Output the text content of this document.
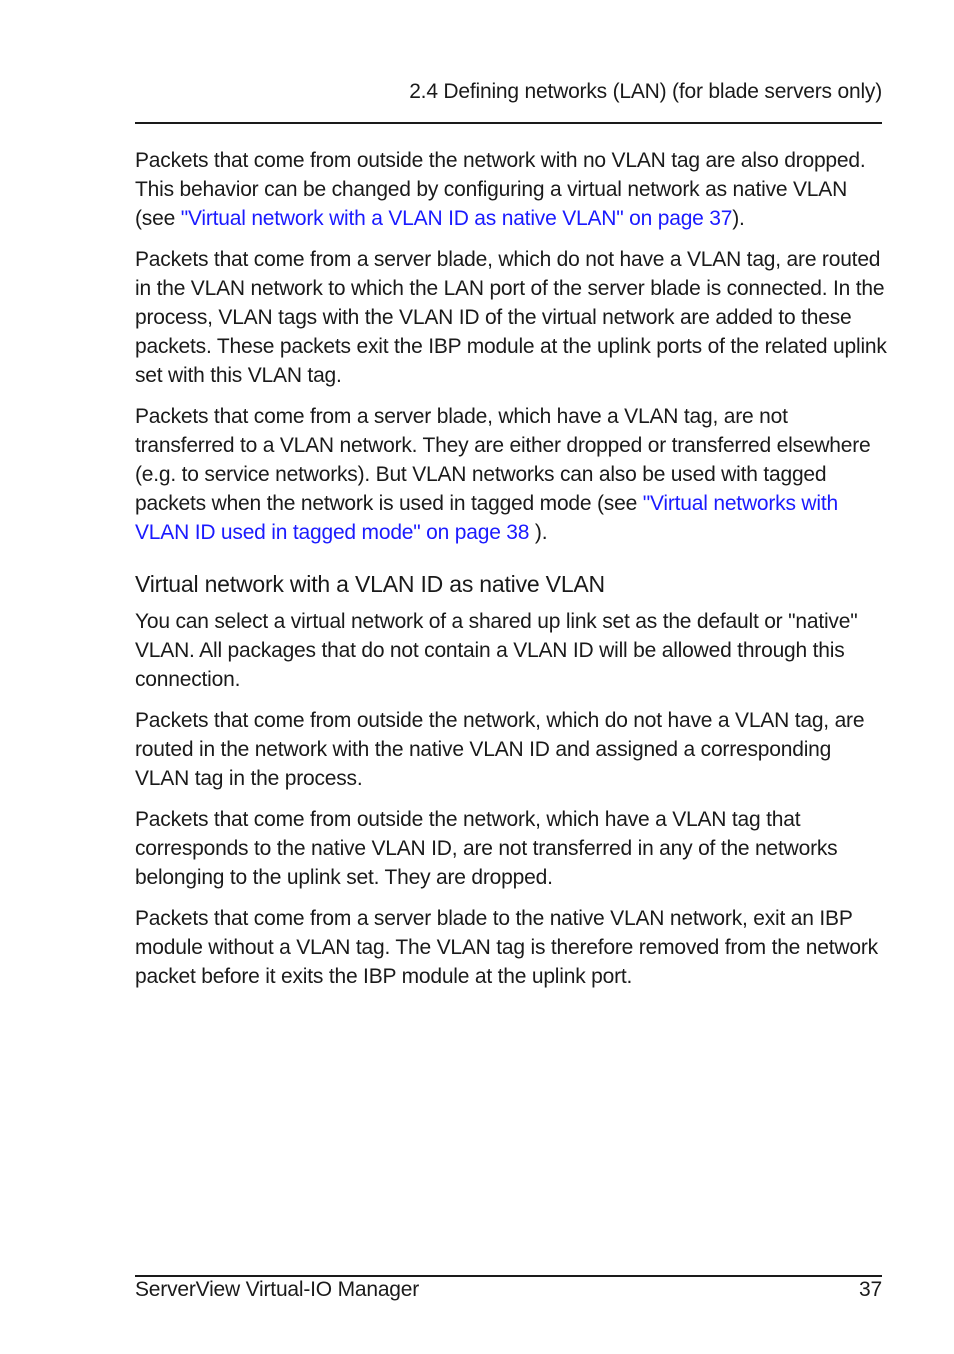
2.4 Defining networks (LAN) (for blade servers only)

Packets that come from outside the network with no VLAN tag are also dropped. This behavior can be changed by configuring a virtual network as native VLAN (see "Virtual network with a VLAN ID as native VLAN" on page 37).

Packets that come from a server blade, which do not have a VLAN tag, are routed in the VLAN network to which the LAN port of the server blade is connected. In the process, VLAN tags with the VLAN ID of the virtual network are added to these packets. These packets exit the IBP module at the uplink ports of the related uplink set with this VLAN tag.

Packets that come from a server blade, which have a VLAN tag, are not transferred to a VLAN network. They are either dropped or transferred elsewhere (e.g. to service networks). But VLAN networks can also be used with tagged packets when the network is used in tagged mode (see "Virtual networks with VLAN ID used in tagged mode" on page 38 ).

Virtual network with a VLAN ID as native VLAN

You can select a virtual network of a shared up link set as the default or "native" VLAN. All packages that do not contain a VLAN ID will be allowed through this connection.

Packets that come from outside the network, which do not have a VLAN tag, are routed in the network with the native VLAN ID and assigned a corresponding VLAN tag in the process.

Packets that come from outside the network, which have a VLAN tag that corresponds to the native VLAN ID, are not transferred in any of the networks belonging to the uplink set. They are dropped.

Packets that come from a server blade to the native VLAN network, exit an IBP module without a VLAN tag. The VLAN tag is therefore removed from the network packet before it exits the IBP module at the uplink port.

ServerView Virtual-IO Manager	37
